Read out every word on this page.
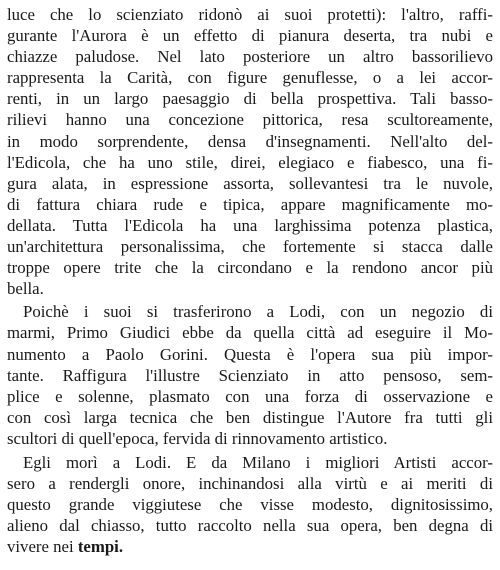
luce che lo scienziato ridonò ai suoi protetti): l'altro, raffi-
gurante l'Aurora è un effetto di pianura deserta, tra nubi e
chiazze paludose. Nel lato posteriore un altro bassorilievo
rappresenta la Carità, con figure genuflesse, o a lei accor-
renti, in un largo paesaggio di bella prospettiva. Tali basso-
rilievi hanno una concezione pittorica, resa scultoreamente,
in modo sorprendente, densa d'insegnamenti. Nell'alto del-
l'Edicola, che ha uno stile, direi, elegiaco e fiabesco, una fi-
gura alata, in espressione assorta, sollevantesi tra le nuvole,
di fattura chiara rude e tipica, appare magnificamente mo-
dellata. Tutta l'Edicola ha una larghissima potenza plastica,
un'architettura personalissima, che fortemente si stacca dalle
troppe opere trite che la circondano e la rendono ancor più
bella.
Poichè i suoi si trasferirono a Lodi, con un negozio di
marmi, Primo Giudici ebbe da quella città ad eseguire il Mo-
numento a Paolo Gorini. Questa è l'opera sua più impor-
tante. Raffigura l'illustre Scienziato in atto pensoso, sem-
plice e solenne, plasmato con una forza di osservazione e
con così larga tecnica che ben distingue l'Autore fra tutti gli
scultori di quell'epoca, fervida di rinnovamento artistico.
Egli morì a Lodi. E da Milano i migliori Artisti accor-
sero a rendergli onore, inchinandosi alla virtù e ai meriti di
questo grande viggiutese che visse modesto, dignitosissimo,
alieno dal chiasso, tutto raccolto nella sua opera, ben degna di
vivere nei tempi.
